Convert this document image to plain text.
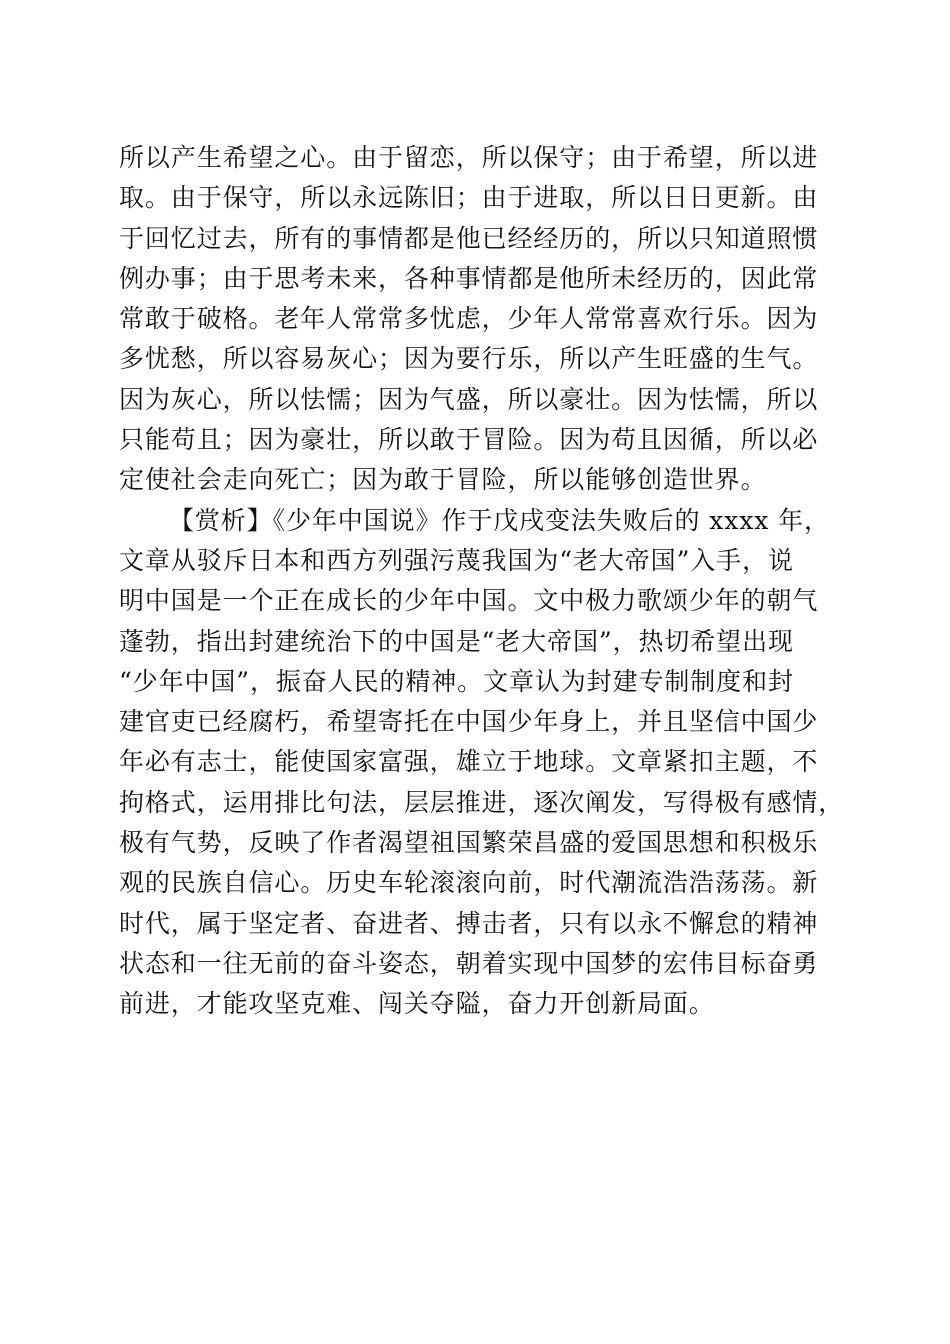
所以产生希望之心。由于留恋，所以保守；由于希望，所以进
取。由于保守，所以永远陈旧；由于进取，所以日日更新。由
于回忆过去，所有的事情都是他已经经历的，所以只知道照惯
例办事；由于思考未来，各种事情都是他所未经历的，因此常
常敢于破格。老年人常常多忧虑，少年人常常喜欢行乐。因为
多忧愁，所以容易灰心；因为要行乐，所以产生旺盛的生气。
因为灰心，所以怯懦；因为气盛，所以豪壮。因为怯懦，所以
只能苟且；因为豪壮，所以敢于冒险。因为苟且因循，所以必
定使社会走向死亡；因为敢于冒险，所以能够创造世界。
【赏析】《少年中国说》作于戊戌变法失败后的 xxxx 年，
文章从驳斥日本和西方列强污蔑我国为“老大帝国”入手，说
明中国是一个正在成长的少年中国。文中极力歌颂少年的朝气
蓬勃，指出封建统治下的中国是“老大帝国”，热切希望出现
“少年中国”，振奋人民的精神。文章认为封建专制制度和封
建官吏已经腐朽，希望寄托在中国少年身上，并且坚信中国少
年必有志士，能使国家富强，雄立于地球。文章紧扣主题，不
拘格式，运用排比句法，层层推进，逐次阐发，写得极有感情，
极有气势，反映了作者渴望祖国繁荣昌盛的爱国思想和积极乐
观的民族自信心。历史车轮滚滚向前，时代潮流浩浩荡荡。新
时代，属于坚定者、奋进者、搏击者，只有以永不懈怠的精神
状态和一往无前的奋斗姿态，朝着实现中国梦的宏伟目标奋勇
前进，才能攻坚克难、闯关夺隘，奋力开创新局面。
